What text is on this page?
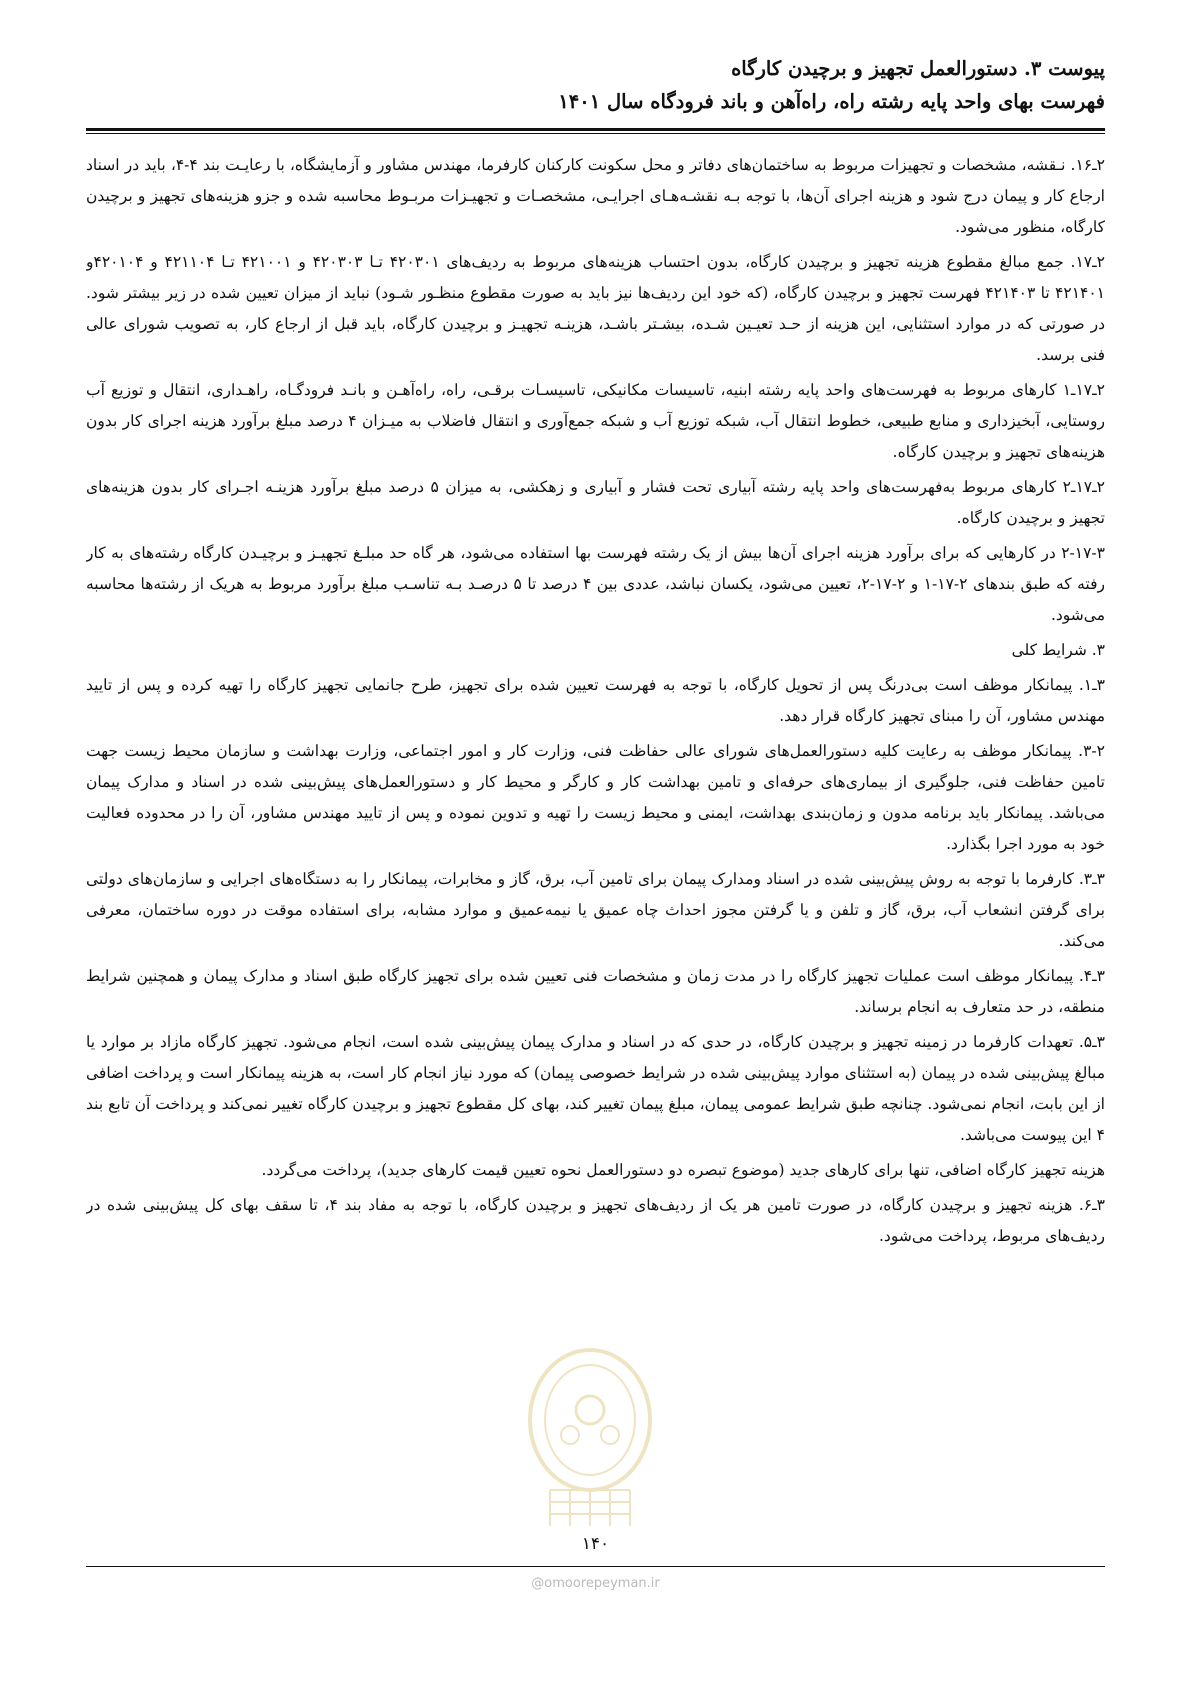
پیوست ۳. دستورالعمل تجهیز و برچیدن کارگاه
فهرست بهای واحد پایه رشته راه، راه‌آهن و باند فرودگاه سال ۱۴۰۱

۲ـ۱۶. نـقشه، مشخصات و تجهیزات مربوط به ساختمان‌های دفاتر و محل سکونت کارکنان کارفرما، مهندس مشاور و آزمایشگاه، با رعایـت بند ۴-۴، باید در اسناد ارجاع کار و پیمان درج شود و هزینه اجرای آن‌ها، با توجه بـه نقشـه‌هـای اجرایـی، مشخصـات و تجهیـزات مربـوط محاسبه شده و جزو هزینه‌های تجهیز و برچیدن کارگاه، منظور می‌شود.

۲ـ۱۷. جمع مبالغ مقطوع هزینه تجهیز و برچیدن کارگاه، بدون احتساب هزینه‌های مربوط به ردیف‌های ۴۲۰۳۰۱ تـا ۴۲۰۳۰۳ و ۴۲۱۰۰۱ تـا ۴۲۱۱۰۴ و ۴۲۰۱۰۴و ۴۲۱۴۰۱ تا ۴۲۱۴۰۳ فهرست تجهیز و برچیدن کارگاه، (که خود این ردیف‌ها نیز باید به صورت مقطوع منظـور شـود) نباید از میزان تعیین شده در زیر بیشتر شود. در صورتی که در موارد استثنایی، این هزینه از حـد تعیـین شـده، بیشـتر باشـد، هزینـه تجهیـز و برچیدن کارگاه، باید قبل از ارجاع کار، به تصویب شورای عالی فنی برسد.

۲ـ۱۷ـ۱ کارهای مربوط به فهرست‌های واحد پایه رشته ابنیه، تاسیسات مکانیکی، تاسیسـات برقـی، راه، راه‌آهـن و بانـد فرودگـاه، راهـداری، انتقال و توزیع آب روستایی، آبخیزداری و منابع طبیعی، خطوط انتقال آب، شبکه توزیع آب و شبکه جمع‌آوری و انتقال فاضلاب به میـزان ۴ درصد مبلغ برآورد هزینه اجرای کار بدون هزینه‌های تجهیز و برچیدن کارگاه.

۲ـ۱۷ـ۲ کارهای مربوط به‌فهرست‌های واحد پایه رشته آبیاری تحت فشار و آبیاری و زهکشی، به میزان ۵ درصد مبلغ برآورد هزینـه اجـرای کار بدون هزینه‌های تجهیز و برچیدن کارگاه.

۲-۱۷-۳ در کارهایی که برای برآورد هزینه اجرای آن‌ها بیش از یک رشته فهرست بها استفاده می‌شود، هر گاه حد مبلـغ تجهیـز و برچیـدن کارگاه رشته‌های به کار رفته که طبق بندهای ۲-۱۷-۱ و ۲-۱۷-۲، تعیین می‌شود، یکسان نباشد، عددی بین ۴ درصد تا ۵ درصـد بـه تناسـب مبلغ برآورد مربوط به هریک از رشته‌ها محاسبه می‌شود.

۳. شرایط کلی

۳ـ۱. پیمانکار موظف است بی‌درنگ پس از تحویل کارگاه، با توجه به فهرست تعیین شده برای تجهیز، طرح جانمایی تجهیز کارگاه را تهیه کرده و پس از تایید مهندس مشاور، آن را مبنای تجهیز کارگاه قرار دهد.

۳-۲. پیمانکار موظف به رعایت کلیه دستورالعمل‌های شورای عالی حفاظت فنی، وزارت کار و امور اجتماعی، وزارت بهداشت و سازمان محیط زیست جهت تامین حفاظت فنی، جلوگیری از بیماری‌های حرفه‌ای و تامین بهداشت کار و کارگر و محیط کار و دستورالعمل‌های پیش‌بینی شده در اسناد و مدارک پیمان می‌باشد. پیمانکار باید برنامه مدون و زمان‌بندی بهداشت، ایمنی و محیط زیست را تهیه و تدوین نموده و پس از تایید مهندس مشاور، آن را در محدوده فعالیت خود به مورد اجرا بگذارد.

۳ـ۳. کارفرما با توجه به روش پیش‌بینی شده در اسناد ومدارک پیمان برای تامین آب، برق، گاز و مخابرات، پیمانکار را به دستگاه‌های اجرایی و سازمان‌های دولتی برای گرفتن انشعاب آب، برق، گاز و تلفن و یا گرفتن مجوز احداث چاه عمیق یا نیمه‌عمیق و موارد مشابه، برای استفاده موقت در دوره ساختمان، معرفی می‌کند.

۳ـ۴. پیمانکار موظف است عملیات تجهیز کارگاه را در مدت زمان و مشخصات فنی تعیین شده برای تجهیز کارگاه طبق اسناد و مدارک پیمان و همچنین شرایط منطقه، در حد متعارف به انجام برساند.

۳ـ۵. تعهدات کارفرما در زمینه تجهیز و برچیدن کارگاه، در حدی که در اسناد و مدارک پیمان پیش‌بینی شده است، انجام می‌شود. تجهیز کارگاه مازاد بر موارد یا مبالغ پیش‌بینی شده در پیمان (به استثنای موارد پیش‌بینی شده در شرایط خصوصی پیمان) که مورد نیاز انجام کار است، به هزینه پیمانکار است و پرداخت اضافی از این بابت، انجام نمی‌شود. چنانچه طبق شرایط عمومی پیمان، مبلغ پیمان تغییر کند، بهای کل مقطوع تجهیز و برچیدن کارگاه تغییر نمی‌کند و پرداخت آن تابع بند ۴ این پیوست می‌باشد.

هزینه تجهیز کارگاه اضافی، تنها برای کارهای جدید (موضوع تبصره دو دستورالعمل نحوه تعیین قیمت کارهای جدید)، پرداخت می‌گردد.

۳ـ۶. هزینه تجهیز و برچیدن کارگاه، در صورت تامین هر یک از ردیف‌های تجهیز و برچیدن کارگاه، با توجه به مفاد بند ۴، تا سقف بهای کل پیش‌بینی شده در ردیف‌های مربوط، پرداخت می‌شود.

۱۴۰
@omoorepeyman.ir
